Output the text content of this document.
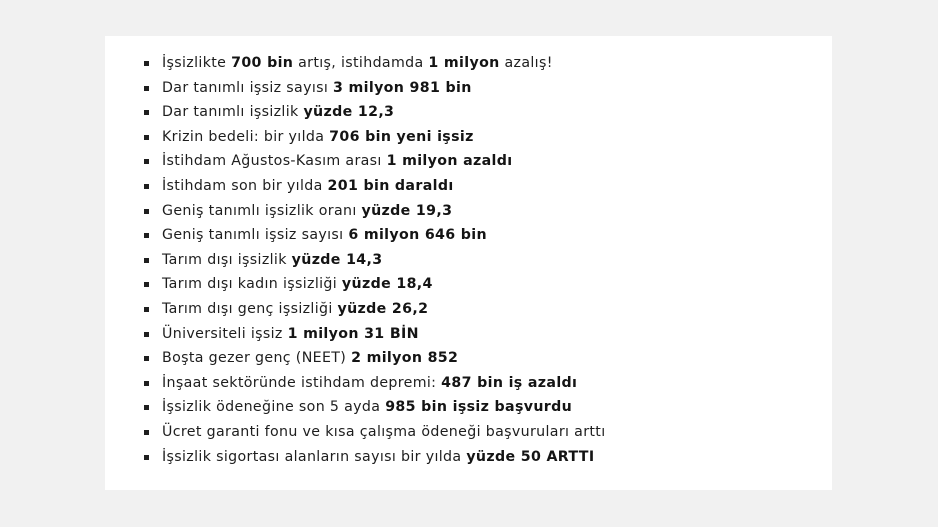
İşsizlikte 700 bin artış, istihdamda 1 milyon azalış!
Dar tanımlı işsiz sayısı 3 milyon 981 bin
Dar tanımlı işsizlik yüzde 12,3
Krizin bedeli: bir yılda 706 bin yeni işsiz
İstihdam Ağustos-Kasım arası 1 milyon azaldı
İstihdam son bir yılda 201 bin daraldı
Geniş tanımlı işsizlik oranı yüzde 19,3
Geniş tanımlı işsiz sayısı 6 milyon 646 bin
Tarım dışı işsizlik yüzde 14,3
Tarım dışı kadın işsizliği yüzde 18,4
Tarım dışı genç işsizliği yüzde 26,2
Üniversiteli işsiz 1 milyon 31 BİN
Boşta gezer genç (NEET) 2 milyon 852
İnşaat sektöründe istihdam depremi: 487 bin iş azaldı
İşsizlik ödeneğine son 5 ayda 985 bin işsiz başvurdu
Ücret garanti fonu ve kısa çalışma ödeneği başvuruları arttı
İşsizlik sigortası alanların sayısı bir yılda yüzde 50 ARTTI
